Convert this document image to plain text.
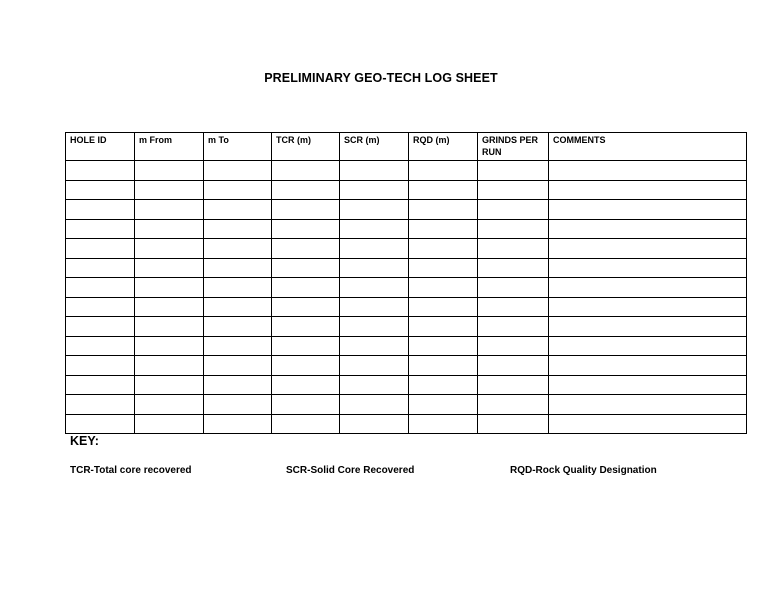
PRELIMINARY GEO-TECH LOG SHEET
HOLE ID	m From	m To	TCR (m)	SCR (m)	RQD (m)	GRINDS PER RUN	COMMENTS

KEY:
TCR-Total core recovered	SCR-Solid Core Recovered	RQD-Rock Quality Designation
